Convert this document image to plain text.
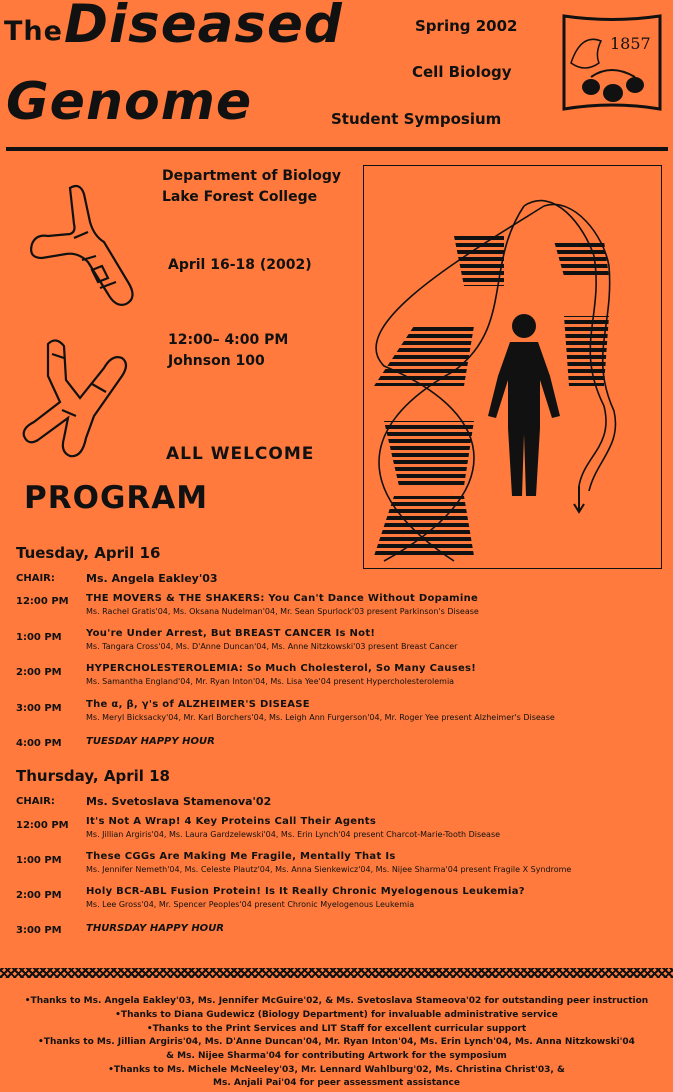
The Diseased
Genome
Spring 2002
Cell Biology
Student Symposium
1857
Department of Biology
Lake Forest College
April 16-18 (2002)
12:00– 4:00 PM
Johnson 100
ALL WELCOME
PROGRAM
Tuesday, April 16
CHAIR:	Ms. Angela Eakley'03
12:00 PM THE MOVERS & THE SHAKERS: You Can't Dance Without Dopamine
Ms. Rachel Gratis'04, Ms. Oksana Nudelman'04, Mr. Sean Spurlock'03 present Parkinson's Disease
1:00 PM You're Under Arrest, But BREAST CANCER Is Not!
Ms. Tangara Cross'04, Ms. D'Anne Duncan'04, Ms. Anne Nitzkowski'03 present Breast Cancer
2:00 PM HYPERCHOLESTEROLEMIA: So Much Cholesterol, So Many Causes!
Ms. Samantha England'04, Mr. Ryan Inton'04, Ms. Lisa Yee'04 present Hypercholesterolemia
3:00 PM The α, β, γ's of ALZHEIMER'S DISEASE
Ms. Meryl Bicksacky'04, Mr. Karl Borchers'04, Ms. Leigh Ann Furgerson'04, Mr. Roger Yee present Alzheimer's Disease
4:00 PM TUESDAY HAPPY HOUR
Thursday, April 18
CHAIR:	Ms. Svetoslava Stamenova'02
12:00 PM It's Not A Wrap! 4 Key Proteins Call Their Agents
Ms. Jillian Argiris'04, Ms. Laura Gardzelewski'04, Ms. Erin Lynch'04 present Charcot-Marie-Tooth Disease
1:00 PM These CGGs Are Making Me Fragile, Mentally That Is
Ms. Jennifer Nemeth'04, Ms. Celeste Plautz'04, Ms. Anna Sienkewicz'04, Ms. Nijee Sharma'04 present Fragile X Syndrome
2:00 PM Holy BCR-ABL Fusion Protein! Is It Really Chronic Myelogenous Leukemia?
Ms. Lee Gross'04, Mr. Spencer Peoples'04 present Chronic Myelogenous Leukemia
3:00 PM THURSDAY HAPPY HOUR
•Thanks to Ms. Angela Eakley'03, Ms. Jennifer McGuire'02, & Ms. Svetoslava Stameova'02 for outstanding peer instruction
•Thanks to Diana Gudewicz (Biology Department) for invaluable administrative service
•Thanks to the Print Services and LIT Staff for excellent curricular support
•Thanks to Ms. Jillian Argiris'04, Ms. D'Anne Duncan'04, Mr. Ryan Inton'04, Ms. Erin Lynch'04, Ms. Anna Nitzkowski'04
& Ms. Nijee Sharma'04 for contributing Artwork for the symposium
•Thanks to Ms. Michele McNeeley'03, Mr. Lennard Wahlburg'02, Ms. Christina Christ'03, &
Ms. Anjali Pai'04 for peer assessment assistance
